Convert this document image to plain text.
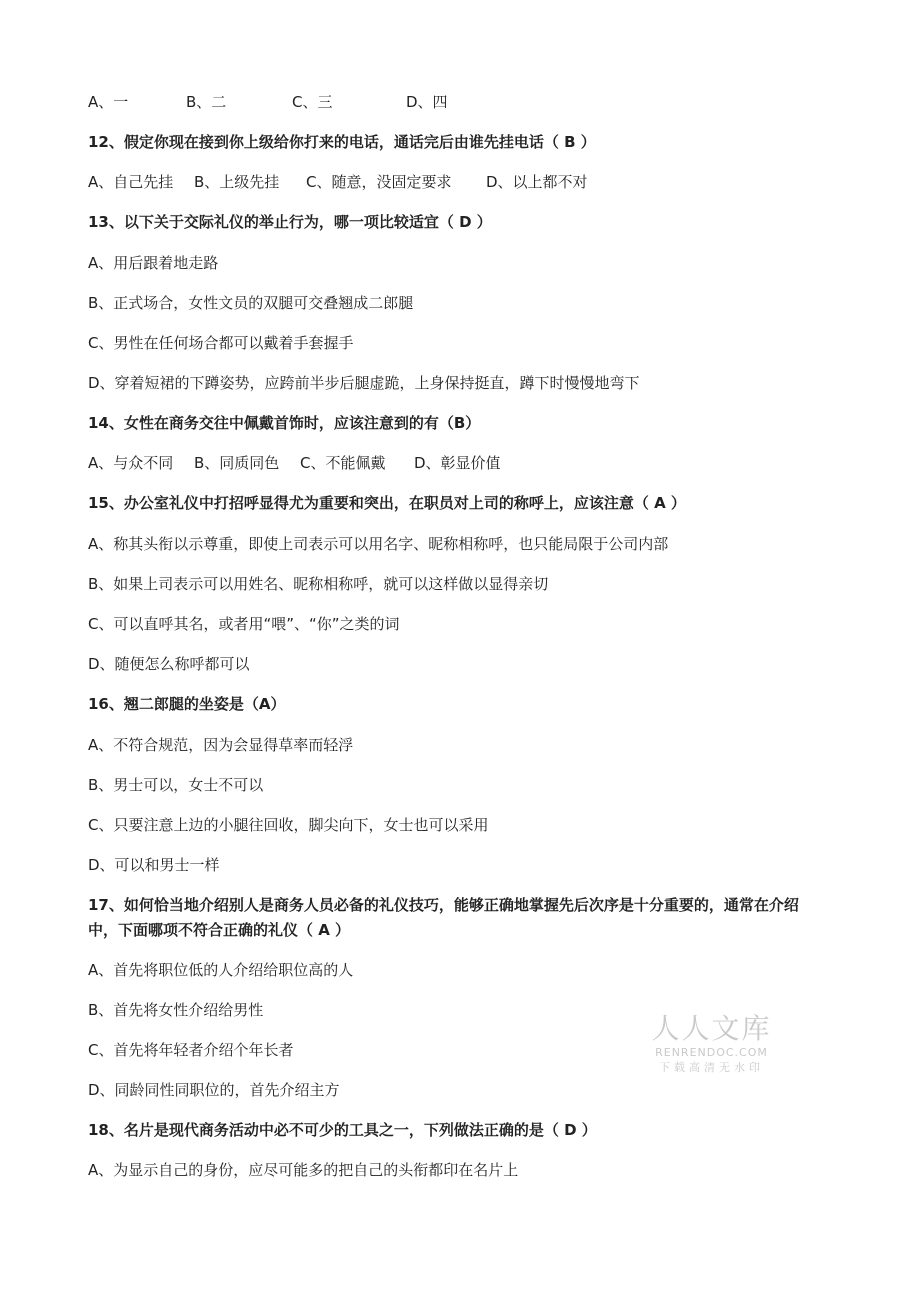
A、一	B、二	C、三	D、四
12、假定你现在接到你上级给你打来的电话，通话完后由谁先挂电话（ B ）
A、自己先挂 B、上级先挂 C、随意，没固定要求 D、以上都不对
13、以下关于交际礼仪的举止行为，哪一项比较适宜（ D ）
A、用后跟着地走路
B、正式场合，女性文员的双腿可交叠翘成二郎腿
C、男性在任何场合都可以戴着手套握手
D、穿着短裙的下蹲姿势，应跨前半步后腿虚跪，上身保持挺直，蹲下时慢慢地弯下
14、女性在商务交往中佩戴首饰时，应该注意到的有（B）
A、与众不同 B、同质同色 C、不能佩戴 D、彰显价值
15、办公室礼仪中打招呼显得尤为重要和突出，在职员对上司的称呼上，应该注意（ A ）
A、称其头衔以示尊重，即使上司表示可以用名字、昵称相称呼，也只能局限于公司内部
B、如果上司表示可以用姓名、昵称相称呼，就可以这样做以显得亲切
C、可以直呼其名，或者用“喂”、“你”之类的词
D、随便怎么称呼都可以
16、翘二郎腿的坐姿是（A）
A、不符合规范，因为会显得草率而轻浮
B、男士可以，女士不可以
C、只要注意上边的小腿往回收，脚尖向下，女士也可以采用
D、可以和男士一样
17、如何恰当地介绍别人是商务人员必备的礼仪技巧，能够正确地掌握先后次序是十分重要的，通常在介绍中，下面哪项不符合正确的礼仪（ A ）
A、首先将职位低的人介绍给职位高的人
B、首先将女性介绍给男性
C、首先将年轻者介绍个年长者
D、同龄同性同职位的，首先介绍主方
18、名片是现代商务活动中必不可少的工具之一，下列做法正确的是（ D ）
A、为显示自己的身份，应尽可能多的把自己的头衔都印在名片上
人人文库
RENRENDOC.COM
下载高清无水印
